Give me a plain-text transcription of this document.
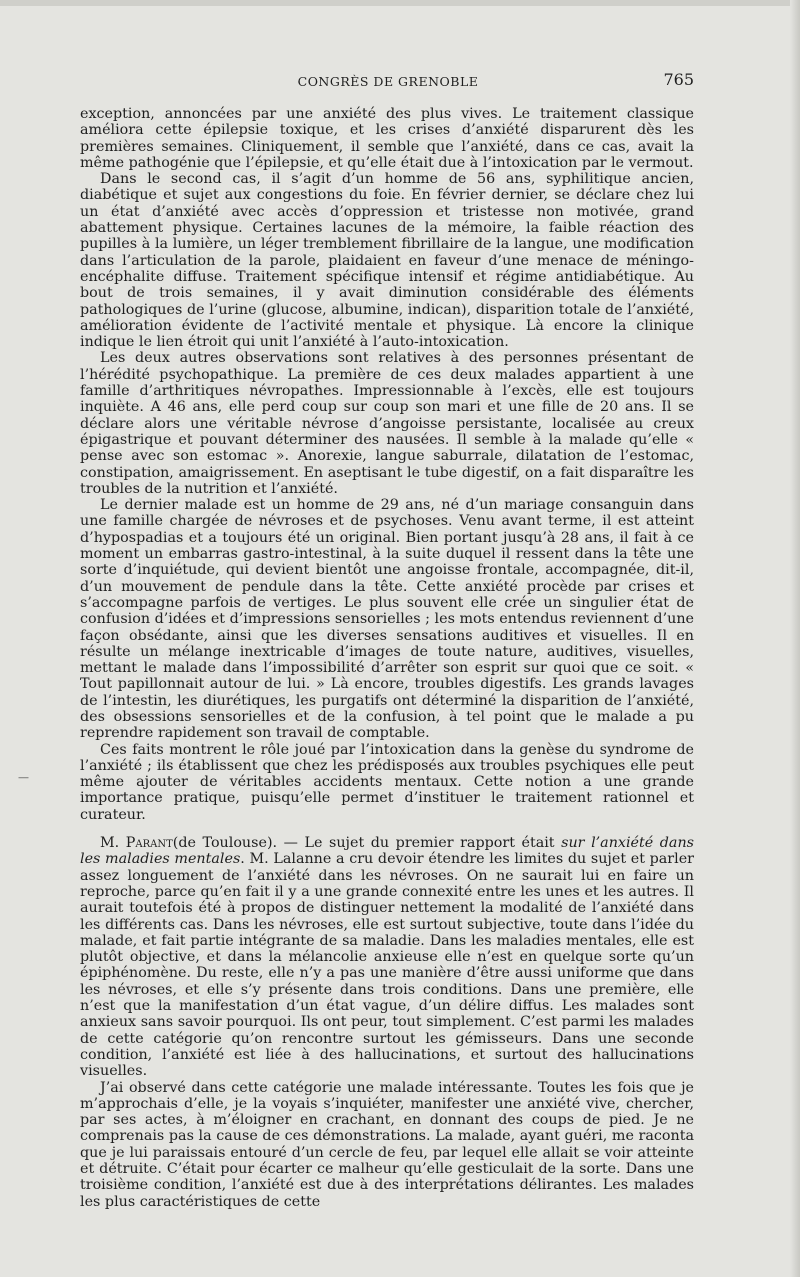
CONGRÈS DE GRENOBLE	765
—

exception, annoncées par une anxiété des plus vives. Le traitement classique améliora cette épilepsie toxique, et les crises d’anxiété disparurent dès les premières semaines. Cliniquement, il semble que l’anxiété, dans ce cas, avait la même pathogénie que l’épilepsie, et qu’elle était due à l’intoxication par le vermout.

Dans le second cas, il s’agit d’un homme de 56 ans, syphilitique ancien, diabétique et sujet aux congestions du foie. En février dernier, se déclare chez lui un état d’anxiété avec accès d’oppression et tristesse non motivée, grand abattement physique. Certaines lacunes de la mémoire, la faible réaction des pupilles à la lumière, un léger tremblement fibrillaire de la langue, une modification dans l’articulation de la parole, plaidaient en faveur d’une menace de méningo-encéphalite diffuse. Traitement spécifique intensif et régime antidiabétique. Au bout de trois semaines, il y avait diminution considérable des éléments pathologiques de l’urine (glucose, albumine, indican), disparition totale de l’anxiété, amélioration évidente de l’activité mentale et physique. Là encore la clinique indique le lien étroit qui unit l’anxiété à l’auto-intoxication.

Les deux autres observations sont relatives à des personnes présentant de l’hérédité psychopathique. La première de ces deux malades appartient à une famille d’arthritiques névropathes. Impressionnable à l’excès, elle est toujours inquiète. A 46 ans, elle perd coup sur coup son mari et une fille de 20 ans. Il se déclare alors une véritable névrose d’angoisse persistante, localisée au creux épigastrique et pouvant déterminer des nausées. Il semble à la malade qu’elle « pense avec son estomac ». Anorexie, langue saburrale, dilatation de l’estomac, constipation, amaigrissement. En aseptisant le tube digestif, on a fait disparaître les troubles de la nutrition et l’anxiété.

Le dernier malade est un homme de 29 ans, né d’un mariage consanguin dans une famille chargée de névroses et de psychoses. Venu avant terme, il est atteint d’hypospadias et a toujours été un original. Bien portant jusqu’à 28 ans, il fait à ce moment un embarras gastro-intestinal, à la suite duquel il ressent dans la tête une sorte d’inquiétude, qui devient bientôt une angoisse frontale, accompagnée, dit-il, d’un mouvement de pendule dans la tête. Cette anxiété procède par crises et s’accompagne parfois de vertiges. Le plus souvent elle crée un singulier état de confusion d’idées et d’impressions sensorielles ; les mots entendus reviennent d’une façon obsédante, ainsi que les diverses sensations auditives et visuelles. Il en résulte un mélange inextricable d’images de toute nature, auditives, visuelles, mettant le malade dans l’impossibilité d’arrêter son esprit sur quoi que ce soit. « Tout papillonnait autour de lui. » Là encore, troubles digestifs. Les grands lavages de l’intestin, les diurétiques, les purgatifs ont déterminé la disparition de l’anxiété, des obsessions sensorielles et de la confusion, à tel point que le malade a pu reprendre rapidement son travail de comptable.

Ces faits montrent le rôle joué par l’intoxication dans la genèse du syndrome de l’anxiété ; ils établissent que chez les prédisposés aux troubles psychiques elle peut même ajouter de véritables accidents mentaux. Cette notion a une grande importance pratique, puisqu’elle permet d’instituer le traitement rationnel et curateur.

M. Parant(de Toulouse). — Le sujet du premier rapport était sur l’anxiété dans les maladies mentales. M. Lalanne a cru devoir étendre les limites du sujet et parler assez longuement de l’anxiété dans les névroses. On ne saurait lui en faire un reproche, parce qu’en fait il y a une grande connexité entre les unes et les autres. Il aurait toutefois été à propos de distinguer nettement la modalité de l’anxiété dans les différents cas. Dans les névroses, elle est surtout subjective, toute dans l’idée du malade, et fait partie intégrante de sa maladie. Dans les maladies mentales, elle est plutôt objective, et dans la mélancolie anxieuse elle n’est en quelque sorte qu’un épiphénomène. Du reste, elle n’y a pas une manière d’être aussi uniforme que dans les névroses, et elle s’y présente dans trois conditions. Dans une première, elle n’est que la manifestation d’un état vague, d’un délire diffus. Les malades sont anxieux sans savoir pourquoi. Ils ont peur, tout simplement. C’est parmi les malades de cette catégorie qu’on rencontre surtout les gémisseurs. Dans une seconde condition, l’anxiété est liée à des hallucinations, et surtout des hallucinations visuelles.

J’ai observé dans cette catégorie une malade intéressante. Toutes les fois que je m’approchais d’elle, je la voyais s’inquiéter, manifester une anxiété vive, chercher, par ses actes, à m’éloigner en crachant, en donnant des coups de pied. Je ne comprenais pas la cause de ces démonstrations. La malade, ayant guéri, me raconta que je lui paraissais entouré d’un cercle de feu, par lequel elle allait se voir atteinte et détruite. C’était pour écarter ce malheur qu’elle gesticulait de la sorte. Dans une troisième condition, l’anxiété est due à des interprétations délirantes. Les malades les plus caractéristiques de cette
